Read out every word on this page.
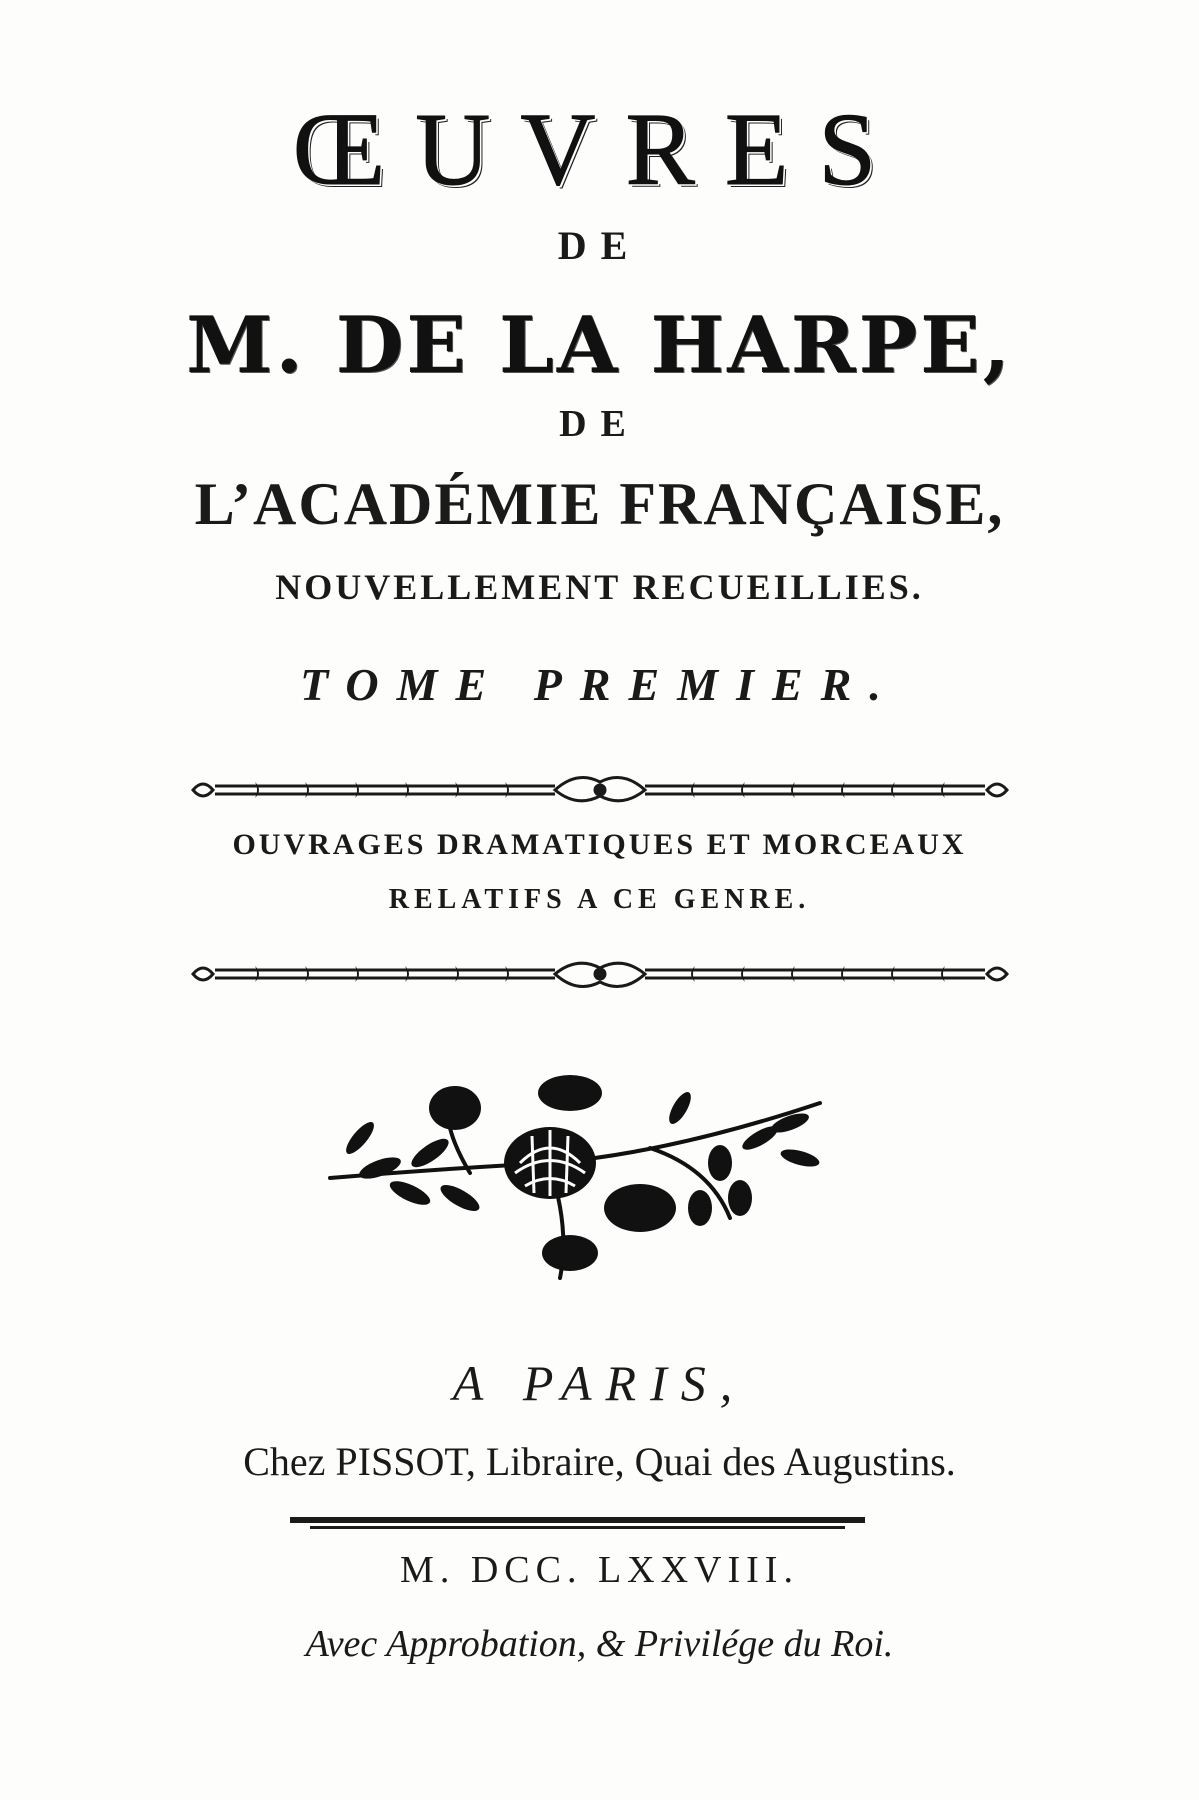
ŒUVRES
DE
M. DE LA HARPE,
DE
L’ACADÉMIE FRANÇAISE,
NOUVELLEMENT RECUEILLIES.
TOME PREMIER.
OUVRAGES DRAMATIQUES ET MORCEAUX
RELATIFS A CE GENRE.
A PARIS,
Chez PISSOT, Libraire, Quai des Augustins.
M. DCC. LXXVIII.
Avec Approbation, & Privilége du Roi.
